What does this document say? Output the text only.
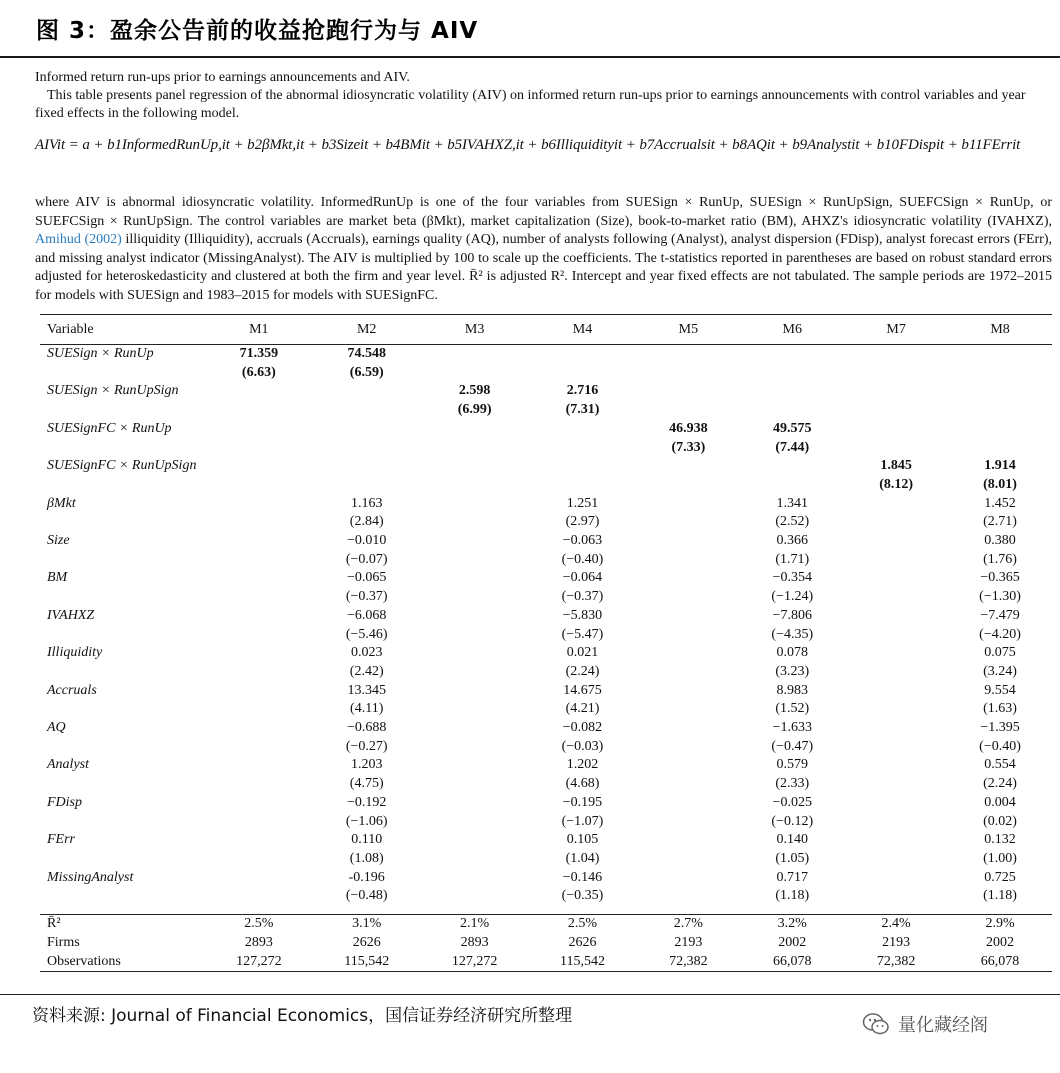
图 3：盈余公告前的收益抢跑行为与 AIV
Informed return run-ups prior to earnings announcements and AIV.
This table presents panel regression of the abnormal idiosyncratic volatility (AIV) on informed return run-ups prior to earnings announcements with control variables and year fixed effects in the following model.
AIVit = a + b1InformedRunUp,it + b2βMkt,it + b3Sizeit + b4BMit + b5IVAHXZ,it + b6Illiquidityit + b7Accrualsit + b8AQit + b9Analystit + b10FDispit + b11FErrit
where AIV is abnormal idiosyncratic volatility. InformedRunUp is one of the four variables from SUESign × RunUp, SUESign × RunUpSign, SUEFCSign × RunUp, or SUEFCSign × RunUpSign. The control variables are market beta (βMkt), market capitalization (Size), book-to-market ratio (BM), AHXZ's idiosyncratic volatility (IVAHXZ), Amihud (2002) illiquidity (Illiquidity), accruals (Accruals), earnings quality (AQ), number of analysts following (Analyst), analyst dispersion (FDisp), analyst forecast errors (FErr), and missing analyst indicator (MissingAnalyst). The AIV is multiplied by 100 to scale up the coefficients. The t-statistics reported in parentheses are based on robust standard errors adjusted for heteroskedasticity and clustered at both the firm and year level. R̄² is adjusted R². Intercept and year fixed effects are not tabulated. The sample periods are 1972–2015 for models with SUESign and 1983–2015 for models with SUESignFC.
Variable	M1	M2	M3	M4	M5	M6	M7	M8
SUESign × RunUp	71.359	74.548						
	(6.63)	(6.59)						
SUESign × RunUpSign			2.598	2.716				
			(6.99)	(7.31)				
SUESignFC × RunUp					46.938	49.575		
					(7.33)	(7.44)		
SUESignFC × RunUpSign							1.845	1.914
							(8.12)	(8.01)
βMkt		1.163		1.251		1.341		1.452
		(2.84)		(2.97)		(2.52)		(2.71)
Size		−0.010		−0.063		0.366		0.380
		(−0.07)		(−0.40)		(1.71)		(1.76)
BM		−0.065		−0.064		−0.354		−0.365
		(−0.37)		(−0.37)		(−1.24)		(−1.30)
IVAHXZ		−6.068		−5.830		−7.806		−7.479
		(−5.46)		(−5.47)		(−4.35)		(−4.20)
Illiquidity		0.023		0.021		0.078		0.075
		(2.42)		(2.24)		(3.23)		(3.24)
Accruals		13.345		14.675		8.983		9.554
		(4.11)		(4.21)		(1.52)		(1.63)
AQ		−0.688		−0.082		−1.633		−1.395
		(−0.27)		(−0.03)		(−0.47)		(−0.40)
Analyst		1.203		1.202		0.579		0.554
		(4.75)		(4.68)		(2.33)		(2.24)
FDisp		−0.192		−0.195		−0.025		0.004
		(−1.06)		(−1.07)		(−0.12)		(0.02)
FErr		0.110		0.105		0.140		0.132
		(1.08)		(1.04)		(1.05)		(1.00)
MissingAnalyst		-0.196		−0.146		0.717		0.725
		(−0.48)		(−0.35)		(1.18)		(1.18)

R̄²	2.5%	3.1%	2.1%	2.5%	2.7%	3.2%	2.4%	2.9%
Firms	2893	2626	2893	2626	2193	2002	2193	2002
Observations	127,272	115,542	127,272	115,542	72,382	66,078	72,382	66,078
资料来源: Journal of Financial Economics，国信证券经济研究所整理	量化藏经阁
